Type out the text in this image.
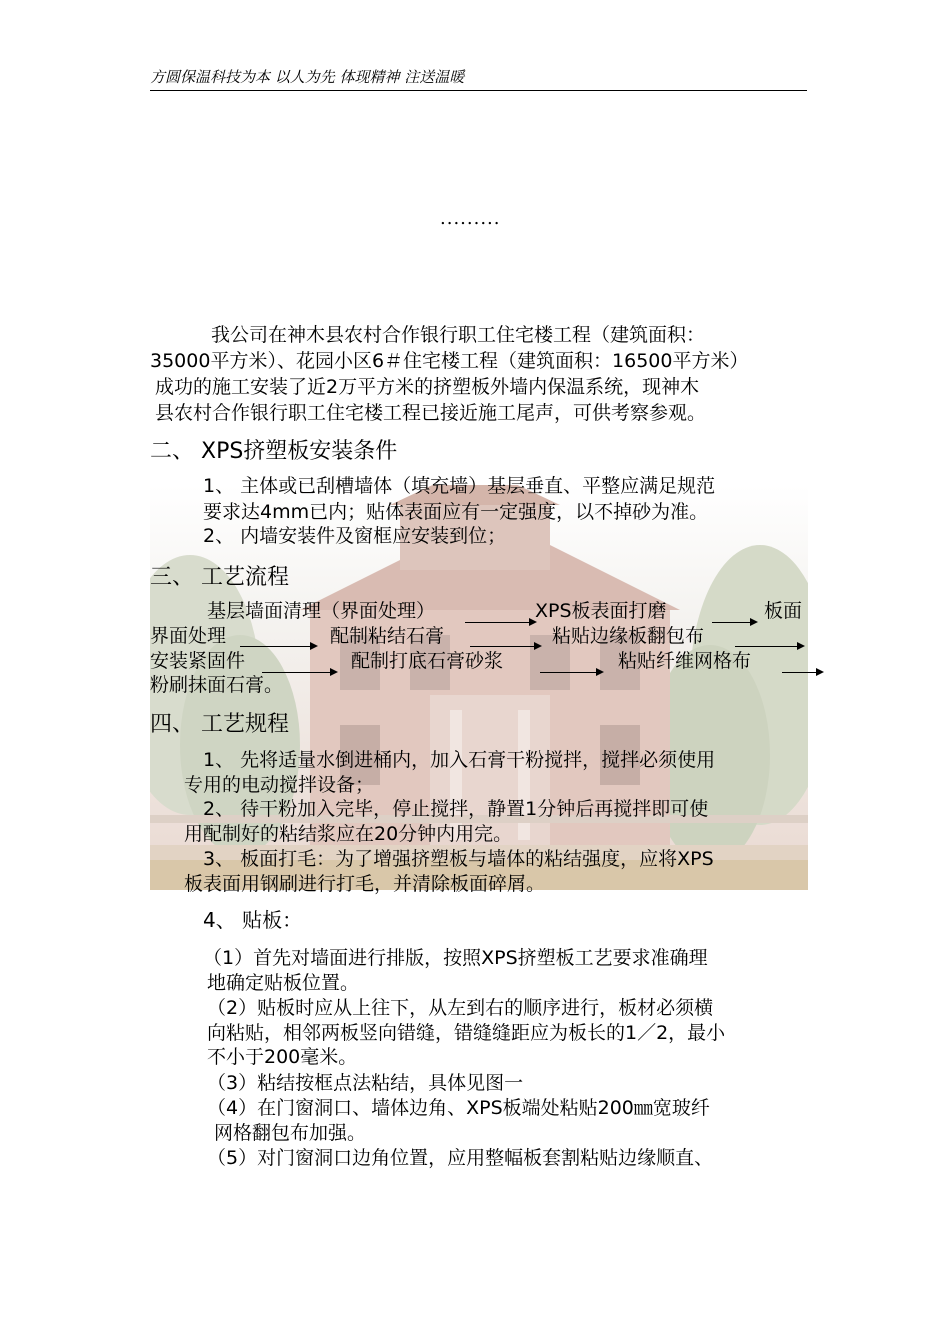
方圆保温科技为本 以人为先 体现精神 注送温暖
.........
我公司在神木县农村合作银行职工住宅楼工程（建筑面积：
35000平方米）、花园小区6＃住宅楼工程（建筑面积：16500平方米）
成功的施工安装了近2万平方米的挤塑板外墙内保温系统，现神木
县农村合作银行职工住宅楼工程已接近施工尾声，可供考察参观。
二、 XPS挤塑板安装条件
1、 主体或已刮槽墙体（填充墙）基层垂直、平整应满足规范
要求达4mm已内；贴体表面应有一定强度，以不掉砂为准。
2、 内墙安装件及窗框应安装到位；
三、 工艺流程
基层墙面清理（界面处理）	XPS板表面打磨	板面
界面处理	配制粘结石膏	粘贴边缘板翻包布
安装紧固件	配制打底石膏砂浆	粘贴纤维网格布
粉刷抹面石膏。
四、 工艺规程
1、 先将适量水倒进桶内，加入石膏干粉搅拌，搅拌必须使用
专用的电动搅拌设备；
2、 待干粉加入完毕，停止搅拌，静置1分钟后再搅拌即可使
用配制好的粘结浆应在20分钟内用完。
3、 板面打毛：为了增强挤塑板与墙体的粘结强度，应将XPS
板表面用钢刷进行打毛，并清除板面碎屑。
4、 贴板：
（1）首先对墙面进行排版，按照XPS挤塑板工艺要求准确理
地确定贴板位置。
（2）贴板时应从上往下，从左到右的顺序进行，板材必须横
向粘贴，相邻两板竖向错缝，错缝缝距应为板长的1／2，最小
不小于200毫米。
（3）粘结按框点法粘结，具体见图一
（4）在门窗洞口、墙体边角、XPS板端处粘贴200㎜宽玻纤
网格翻包布加强。
（5）对门窗洞口边角位置，应用整幅板套割粘贴边缘顺直、
